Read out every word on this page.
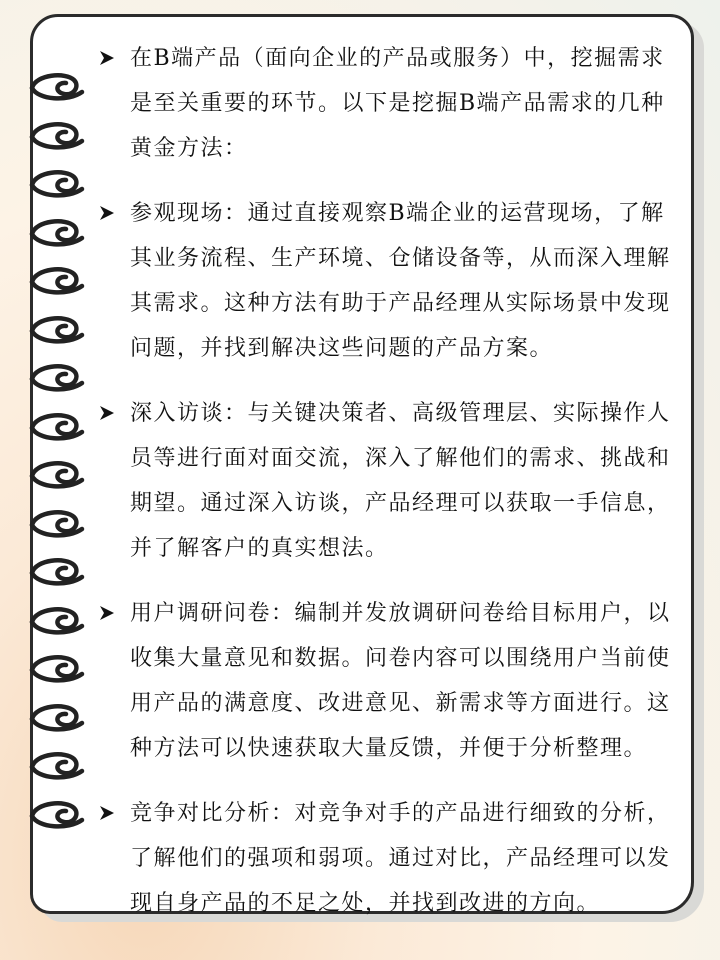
在B端产品（面向企业的产品或服务）中，挖掘需求是至关重要的环节。以下是挖掘B端产品需求的几种黄金方法：

参观现场：通过直接观察B端企业的运营现场，了解其业务流程、生产环境、仓储设备等，从而深入理解其需求。这种方法有助于产品经理从实际场景中发现问题，并找到解决这些问题的产品方案。

深入访谈：与关键决策者、高级管理层、实际操作人员等进行面对面交流，深入了解他们的需求、挑战和期望。通过深入访谈，产品经理可以获取一手信息，并了解客户的真实想法。

用户调研问卷：编制并发放调研问卷给目标用户，以收集大量意见和数据。问卷内容可以围绕用户当前使用产品的满意度、改进意见、新需求等方面进行。这种方法可以快速获取大量反馈，并便于分析整理。

竞争对比分析：对竞争对手的产品进行细致的分析，了解他们的强项和弱项。通过对比，产品经理可以发现自身产品的不足之处，并找到改进的方向。
